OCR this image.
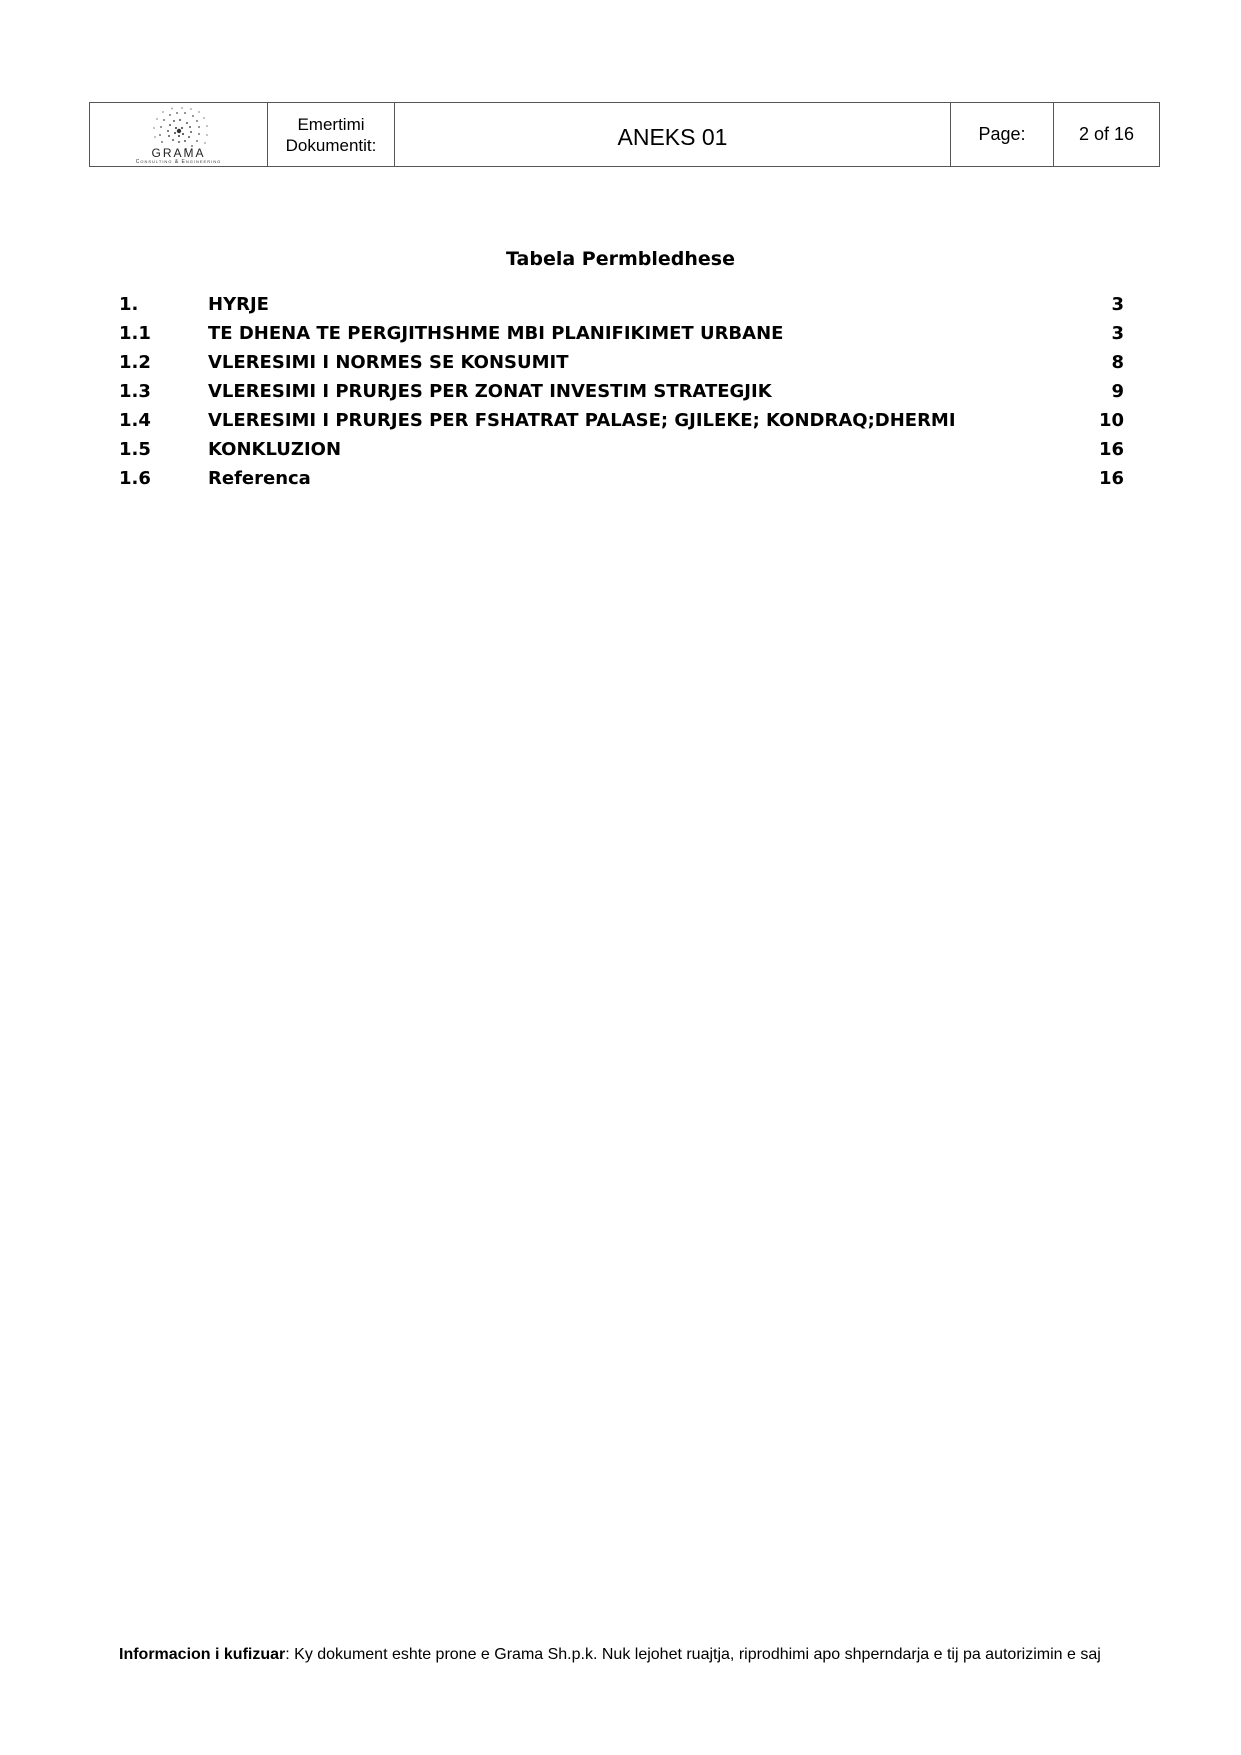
GRAMA
Consulting & Engineering

Emertimi
Dokumentit:	ANEKS 01	Page:	2 of 16
Tabela Permbledhese
1.	HYRJE	3
1.1	TE DHENA TE PERGJITHSHME MBI PLANIFIKIMET URBANE	3
1.2	VLERESIMI I NORMES SE KONSUMIT	8
1.3	VLERESIMI I PRURJES PER ZONAT INVESTIM STRATEGJIK	9
1.4	VLERESIMI I PRURJES PER FSHATRAT PALASE; GJILEKE; KONDRAQ;DHERMI	10
1.5	KONKLUZION	16
1.6	Referenca	16
Informacion i kufizuar: Ky dokument eshte prone e Grama Sh.p.k. Nuk lejohet ruajtja, riprodhimi apo shperndarja e tij pa autorizimin e saj
